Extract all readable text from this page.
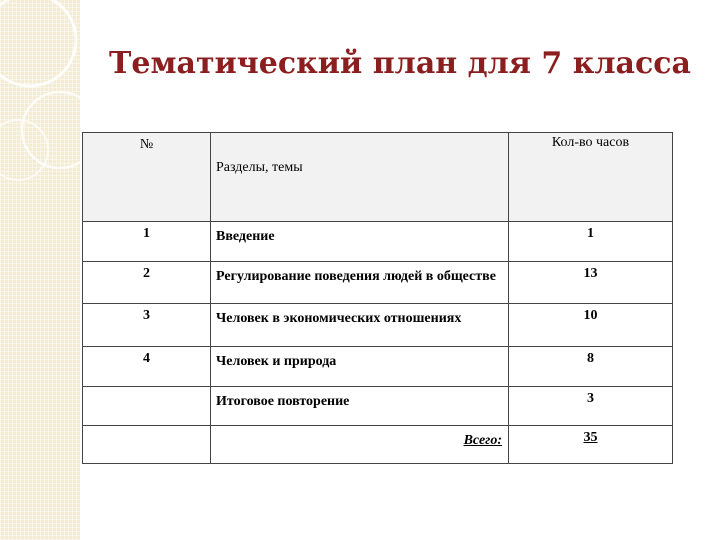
Тематический план для 7 класса
№	Разделы, темы	Кол-во часов
1	Введение	1
2	Регулирование поведения людей в обществе	13
3	Человек в экономических отношениях	10
4	Человек и природа	8
	Итоговое повторение	3
	Всего:	35
